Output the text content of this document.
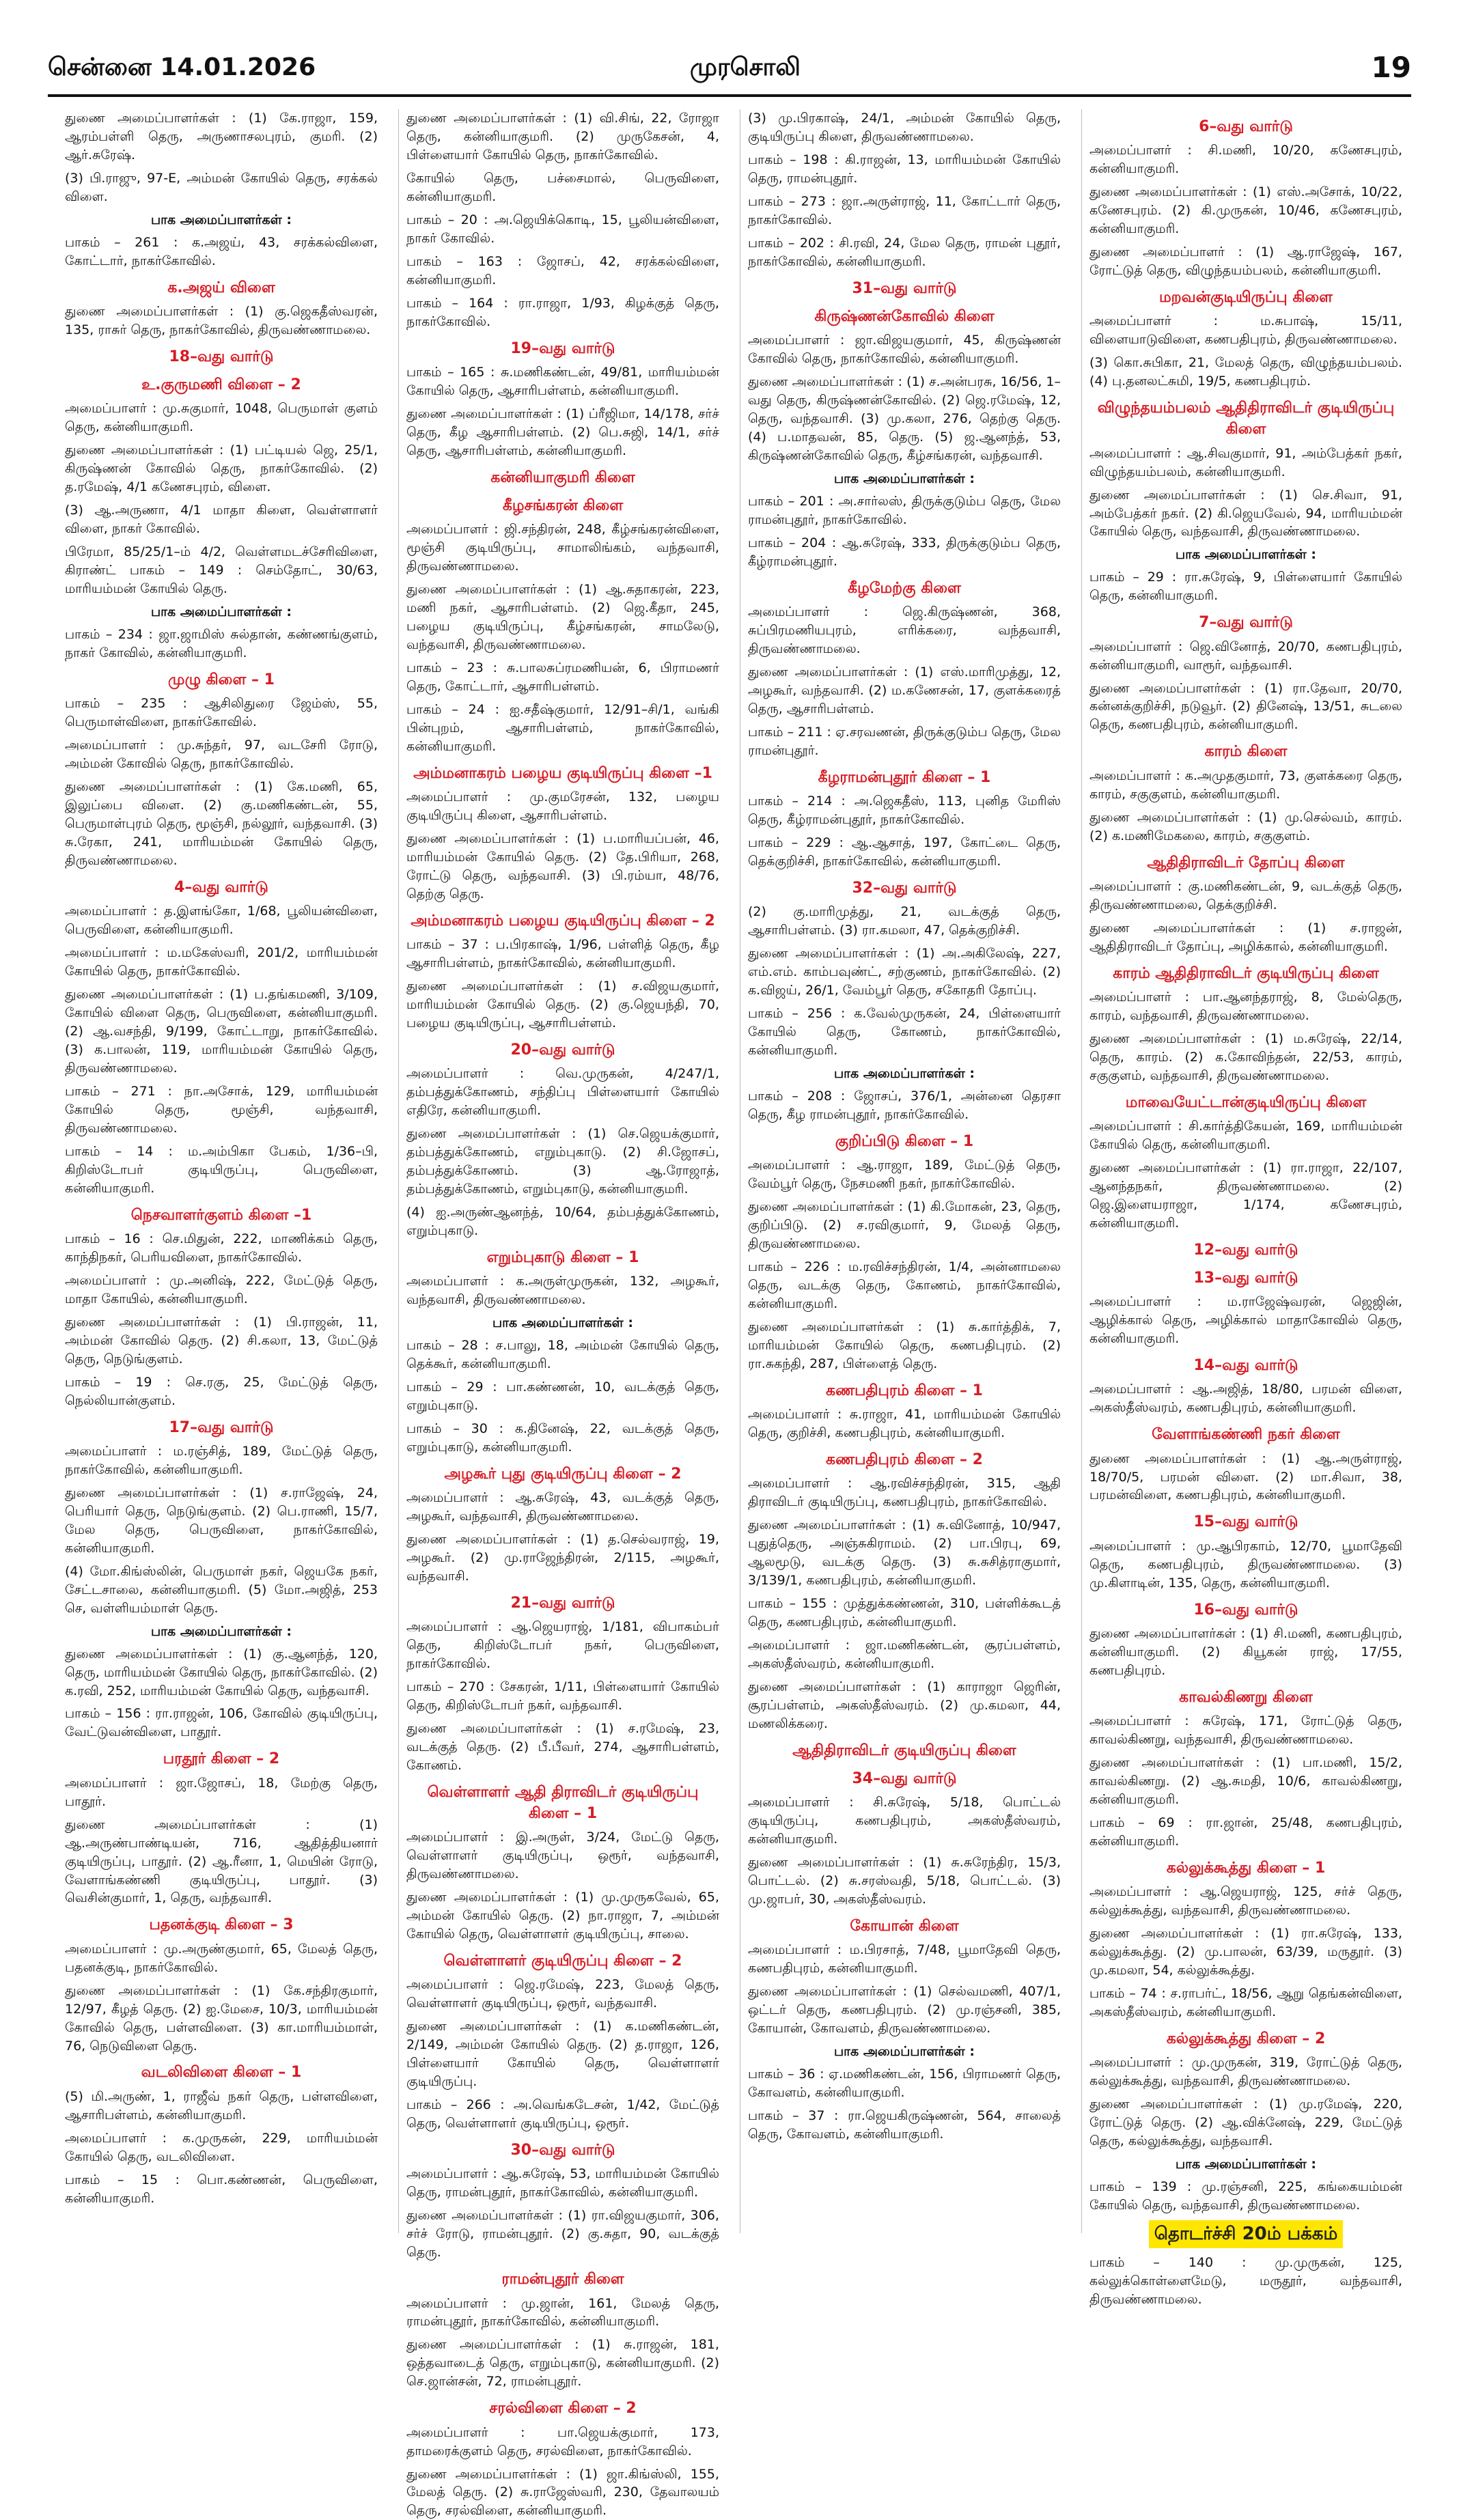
சென்னை 14.01.2026	முரசொலி	19

துணை அமைப்பாளர்கள் : (1) கே.ராஜா, 159, ஆரம்பள்ளி தெரு, அருணாசலபுரம், குமரி. (2) ஆர்.சுரேஷ்.

(3) பி.ராஜு, 97-E, அம்மன் கோயில் தெரு, சரக்கல் விளை.

பாக அமைப்பாளர்கள் :

பாகம் – 261 : க.அஜய், 43, சரக்கல்விளை, கோட்டார், நாகர்கோவில்.

க.அஜய் விளை

துணை அமைப்பாளர்கள் : (1) கு.ஜெகதீஸ்வரன், 135, ராசுர் தெரு, நாகர்கோவில், திருவண்ணாமலை.

18–வது வார்டு
உ.குருமணி விளை – 2

அமைப்பாளர் : மு.சுகுமார், 1048, பெருமாள் குளம் தெரு, கன்னியாகுமரி.

துணை அமைப்பாளர்கள் : (1) பட்டியல் ஜெ, 25/1, கிருஷ்ணன் கோவில் தெரு, நாகர்கோவில். (2) த.ரமேஷ், 4/1 கணேசபுரம், விளை.

(3) ஆ.அருணா, 4/1 மாதா கிளை, வெள்ளாளர் விளை, நாகர் கோவில்.

பிரேமா, 85/25/1–ம் 4/2, வெள்ளமடச்சேரிவிளை, கிராண்ட் பாகம் – 149 : செம்தோட், 30/63, மாரியம்மன் கோயில் தெரு.

பாக அமைப்பாளர்கள் :

பாகம் – 234 : ஜா.ஜாமிஸ் சுல்தான், கண்ணங்குளம், நாகர் கோவில், கன்னியாகுமரி.

முழு கிளை – 1

பாகம் – 235 : ஆசிலிதுரை ஜேம்ஸ், 55, பெருமாள்விளை, நாகர்கோவில்.

அமைப்பாளர் : மு.சுந்தர், 97, வடசேரி ரோடு, அம்மன் கோவில் தெரு, நாகர்கோவில்.

துணை அமைப்பாளர்கள் : (1) கே.மணி, 65, இலுப்பை விளை. (2) கு.மணிகண்டன், 55, பெருமாள்புரம் தெரு, மூஞ்சி, நல்லூர், வந்தவாசி. (3) சு.ரேகா, 241, மாரியம்மன் கோயில் தெரு, திருவண்ணாமலை.

4–வது வார்டு

அமைப்பாளர் : த.இளங்கோ, 1/68, பூலியன்விளை, பெருவிளை, கன்னியாகுமரி.

அமைப்பாளர் : ம.மகேஸ்வரி, 201/2, மாரியம்மன் கோயில் தெரு, நாகர்கோவில்.

துணை அமைப்பாளர்கள் : (1) ப.தங்கமணி, 3/109, கோயில் விளை தெரு, பெருவிளை, கன்னியாகுமரி. (2) ஆ.வசந்தி, 9/199, கோட்டாறு, நாகர்கோவில். (3) க.பாலன், 119, மாரியம்மன் கோயில் தெரு, திருவண்ணாமலை.

பாகம் – 271 : நா.அசோக், 129, மாரியம்மன் கோயில் தெரு, மூஞ்சி, வந்தவாசி, திருவண்ணாமலை.

பாகம் – 14 : ம.அம்பிகா பேகம், 1/36–பி, கிறிஸ்டோபர் குடியிருப்பு, பெருவிளை, கன்னியாகுமரி.

நெசவாளர்குளம் கிளை –1

பாகம் – 16 : செ.மிதுன், 222, மாணிக்கம் தெரு, காந்திநகர், பெரியவிளை, நாகர்கோவில்.

அமைப்பாளர் : மு.அனிஷ், 222, மேட்டுத் தெரு, மாதா கோயில், கன்னியாகுமரி.

துணை அமைப்பாளர்கள் : (1) பி.ராஜன், 11, அம்மன் கோவில் தெரு. (2) சி.கலா, 13, மேட்டுத் தெரு, நெடுங்குளம்.

பாகம் – 19 : செ.ரகு, 25, மேட்டுத் தெரு, நெல்லியான்குளம்.

17–வது வார்டு

அமைப்பாளர் : ம.ரஞ்சித், 189, மேட்டுத் தெரு, நாகர்கோவில், கன்னியாகுமரி.

துணை அமைப்பாளர்கள் : (1) ச.ராஜேஷ், 24, பெரியார் தெரு, நெடுங்குளம். (2) பெ.ராணி, 15/7, மேல தெரு, பெருவிளை, நாகர்கோவில், கன்னியாகுமரி.

(4) மோ.கிங்ஸ்லின், பெருமாள் நகர், ஜெயகே நகர், சேட்டசாலை, கன்னியாகுமரி. (5) மோ.அஜித், 253 செ, வள்ளியம்மாள் தெரு.

பாக அமைப்பாளர்கள் :

துணை அமைப்பாளர்கள் : (1) கு.ஆனந்த், 120, தெரு, மாரியம்மன் கோயில் தெரு, நாகர்கோவில். (2) க.ரவி, 252, மாரியம்மன் கோயில் தெரு, வந்தவாசி.

பாகம் – 156 : ரா.ராஜன், 106, கோவில் குடியிருப்பு, வேட்டுவன்விளை, பாதூர்.

பரதூர் கிளை – 2

அமைப்பாளர் : ஜா.ஜோசப், 18, மேற்கு தெரு, பாதூர்.

துணை அமைப்பாளர்கள் : (1) ஆ.அருண்பாண்டியன், 716, ஆதித்தியனார் குடியிருப்பு, பாதூர். (2) ஆ.ரீனா, 1, மெயின் ரோடு, வேளாங்கண்ணி குடியிருப்பு, பாதூர். (3) வெசின்குமார், 1, தெரு, வந்தவாசி.

பதனக்குடி கிளை – 3

அமைப்பாளர் : மு.அருண்குமார், 65, மேலத் தெரு, பதனக்குடி, நாகர்கோவில்.

துணை அமைப்பாளர்கள் : (1) கே.சந்திரகுமார், 12/97, கீழத் தெரு. (2) ஐ.மேசை, 10/3, மாரியம்மன் கோவில் தெரு, பள்ளவிளை. (3) கா.மாரியம்மாள், 76, நெடுவிளை தெரு.

வடலிவிளை கிளை – 1

(5) மி.அருண், 1, ராஜீவ் நகர் தெரு, பள்ளவிளை, ஆசாரிபள்ளம், கன்னியாகுமரி.

அமைப்பாளர் : க.முருகன், 229, மாரியம்மன் கோயில் தெரு, வடலிவிளை.

பாகம் – 15 : பொ.கண்ணன், பெருவிளை, கன்னியாகுமரி.

துணை அமைப்பாளர்கள் : (1) வி.சிங், 22, ரோஜா தெரு, கன்னியாகுமரி. (2) முருகேசன், 4, பிள்ளையார் கோயில் தெரு, நாகர்கோவில்.

கோயில் தெரு, பச்சைமால், பெருவிளை, கன்னியாகுமரி.

பாகம் – 20 : அ.ஜெயிக்கொடி, 15, பூலியன்விளை, நாகர் கோவில்.

பாகம் – 163 : ஜோசப், 42, சரக்கல்விளை, கன்னியாகுமரி.

பாகம் – 164 : ரா.ராஜா, 1/93, கிழக்குத் தெரு, நாகர்கோவில்.

19–வது வார்டு

பாகம் – 165 : சு.மணிகண்டன், 49/81, மாரியம்மன் கோயில் தெரு, ஆசாரிபள்ளம், கன்னியாகுமரி.

துணை அமைப்பாளர்கள் : (1) ப்ரீஜிமா, 14/178, சர்ச் தெரு, கீழ ஆசாரிபள்ளம். (2) பெ.சுஜி, 14/1, சர்ச் தெரு, ஆசாரிபள்ளம், கன்னியாகுமரி.

கன்னியாகுமரி கிளை
கீழசங்கரன் கிளை

அமைப்பாளர் : ஜி.சந்திரன், 248, கீழ்சங்கரன்விளை, மூஞ்சி குடியிருப்பு, சாமாலிங்கம், வந்தவாசி, திருவண்ணாமலை.

துணை அமைப்பாளர்கள் : (1) ஆ.சுதாகரன், 223, மணி நகர், ஆசாரிபள்ளம். (2) ஜெ.கீதா, 245, பழைய குடியிருப்பு, கீழ்சங்கரன், சாமலேடு, வந்தவாசி, திருவண்ணாமலை.

பாகம் – 23 : சு.பாலசுப்ரமணியன், 6, பிராமணர் தெரு, கோட்டார், ஆசாரிபள்ளம்.

பாகம் – 24 : ஐ.சதீஷ்குமார், 12/91–சி/1, வங்கி பின்புறம், ஆசாரிபள்ளம், நாகர்கோவில், கன்னியாகுமரி.

அம்மனாகரம் பழைய குடியிருப்பு கிளை –1

அமைப்பாளர் : மு.குமரேசன், 132, பழைய குடியிருப்பு கிளை, ஆசாரிபள்ளம்.

துணை அமைப்பாளர்கள் : (1) ப.மாரியப்பன், 46, மாரியம்மன் கோயில் தெரு. (2) தே.பிரியா, 268, ரோட்டு தெரு, வந்தவாசி. (3) பி.ரம்யா, 48/76, தெற்கு தெரு.

அம்மனாகரம் பழைய குடியிருப்பு கிளை – 2

பாகம் – 37 : ப.பிரகாஷ், 1/96, பள்ளித் தெரு, கீழ ஆசாரிபள்ளம், நாகர்கோவில், கன்னியாகுமரி.

துணை அமைப்பாளர்கள் : (1) ச.விஜயகுமார், மாரியம்மன் கோயில் தெரு. (2) கு.ஜெயந்தி, 70, பழைய குடியிருப்பு, ஆசாரிபள்ளம்.

20–வது வார்டு

அமைப்பாளர் : வெ.முருகன், 4/247/1, தம்பத்துக்கோணம், சந்திப்பு பிள்ளையார் கோயில் எதிரே, கன்னியாகுமரி.

துணை அமைப்பாளர்கள் : (1) செ.ஜெயக்குமார், தம்பத்துக்கோணம், எறும்புகாடு. (2) சி.ஜோசப், தம்பத்துக்கோணம். (3) ஆ.ரோஜாத், தம்பத்துக்கோணம், எறும்புகாடு, கன்னியாகுமரி.

(4) ஐ.அருண்ஆனந்த், 10/64, தம்பத்துக்கோணம், எறும்புகாடு.

எறும்புகாடு கிளை – 1

அமைப்பாளர் : க.அருள்முருகன், 132, அழகூர், வந்தவாசி, திருவண்ணாமலை.

பாக அமைப்பாளர்கள் :

பாகம் – 28 : ச.பாலு, 18, அம்மன் கோயில் தெரு, தெக்கூர், கன்னியாகுமரி.

பாகம் – 29 : பா.கண்ணன், 10, வடக்குத் தெரு, எறும்புகாடு.

பாகம் – 30 : க.தினேஷ், 22, வடக்குத் தெரு, எறும்புகாடு, கன்னியாகுமரி.

அழகூர் புது குடியிருப்பு கிளை – 2

அமைப்பாளர் : ஆ.சுரேஷ், 43, வடக்குத் தெரு, அழகூர், வந்தவாசி, திருவண்ணாமலை.

துணை அமைப்பாளர்கள் : (1) த.செல்வராஜ், 19, அழகூர். (2) மு.ராஜேந்திரன், 2/115, அழகூர், வந்தவாசி.

21–வது வார்டு

அமைப்பாளர் : ஆ.ஜெயராஜ், 1/181, விபாகம்பர் தெரு, கிறிஸ்டோபர் நகர், பெருவிளை, நாகர்கோவில்.

பாகம் – 270 : சேகரன், 1/11, பிள்ளையார் கோயில் தெரு, கிறிஸ்டோபர் நகர், வந்தவாசி.

துணை அமைப்பாளர்கள் : (1) ச.ரமேஷ், 23, வடக்குத் தெரு. (2) பீ.பீவர், 274, ஆசாரிபள்ளம், கோணம்.

வெள்ளாளர் ஆதி திராவிடர் குடியிருப்பு கிளை – 1

அமைப்பாளர் : இ.அருள், 3/24, மேட்டு தெரு, வெள்ளாளர் குடியிருப்பு, ஒரூர், வந்தவாசி, திருவண்ணாமலை.

துணை அமைப்பாளர்கள் : (1) மு.முருகவேல், 65, அம்மன் கோயில் தெரு. (2) நா.ராஜா, 7, அம்மன் கோயில் தெரு, வெள்ளாளர் குடியிருப்பு, சாலை.

வெள்ளாளர் குடியிருப்பு கிளை – 2

அமைப்பாளர் : ஜெ.ரமேஷ், 223, மேலத் தெரு, வெள்ளாளர் குடியிருப்பு, ஒரூர், வந்தவாசி.

துணை அமைப்பாளர்கள் : (1) க.மணிகண்டன், 2/149, அம்மன் கோயில் தெரு. (2) த.ராஜா, 126, பிள்ளையார் கோயில் தெரு, வெள்ளாளர் குடியிருப்பு.

பாகம் – 266 : அ.வெங்கடேசன், 1/42, மேட்டுத் தெரு, வெள்ளாளர் குடியிருப்பு, ஒரூர்.

30–வது வார்டு

அமைப்பாளர் : ஆ.சுரேஷ், 53, மாரியம்மன் கோயில் தெரு, ராமன்புதூர், நாகர்கோவில், கன்னியாகுமரி.

துணை அமைப்பாளர்கள் : (1) ரா.விஜயகுமார், 306, சர்ச் ரோடு, ராமன்புதூர். (2) கு.சுதா, 90, வடக்குத் தெரு.

ராமன்புதூர் கிளை

அமைப்பாளர் : மு.ஜான், 161, மேலத் தெரு, ராமன்புதூர், நாகர்கோவில், கன்னியாகுமரி.

துணை அமைப்பாளர்கள் : (1) சு.ராஜன், 181, ஒத்தவாடைத் தெரு, எறும்புகாடு, கன்னியாகுமரி. (2) செ.ஜான்சன், 72, ராமன்புதூர்.

சரல்விளை கிளை – 2

அமைப்பாளர் : பா.ஜெயக்குமார், 173, தாமரைக்குளம் தெரு, சரல்விளை, நாகர்கோவில்.

துணை அமைப்பாளர்கள் : (1) ஜா.கிங்ஸ்லி, 155, மேலத் தெரு. (2) சு.ராஜேஸ்வரி, 230, தேவாலயம் தெரு, சரல்விளை, கன்னியாகுமரி.

(3) மு.பிரகாஷ், 24/1, அம்மன் கோயில் தெரு, குடியிருப்பு கிளை, திருவண்ணாமலை.

பாகம் – 198 : கி.ராஜன், 13, மாரியம்மன் கோயில் தெரு, ராமன்புதூர்.

பாகம் – 273 : ஜா.அருள்ராஜ், 11, கோட்டார் தெரு, நாகர்கோவில்.

பாகம் – 202 : சி.ரவி, 24, மேல தெரு, ராமன் புதூர், நாகர்கோவில், கன்னியாகுமரி.

31–வது வார்டு
கிருஷ்ணன்கோவில் கிளை

அமைப்பாளர் : ஜா.விஜயகுமார், 45, கிருஷ்ணன் கோவில் தெரு, நாகர்கோவில், கன்னியாகுமரி.

துணை அமைப்பாளர்கள் : (1) ச.அன்பரசு, 16/56, 1–வது தெரு, கிருஷ்ணன்கோவில். (2) ஜெ.ரமேஷ், 12, தெரு, வந்தவாசி. (3) மு.கலா, 276, தெற்கு தெரு. (4) ப.மாதவன், 85, தெரு. (5) ஜ.ஆனந்த், 53, கிருஷ்ணன்கோவில் தெரு, கீழ்சங்கரன், வந்தவாசி.

பாக அமைப்பாளர்கள் :

பாகம் – 201 : அ.சார்லஸ், திருக்குடும்ப தெரு, மேல ராமன்புதூர், நாகர்கோவில்.

பாகம் – 204 : ஆ.சுரேஷ், 333, திருக்குடும்ப தெரு, கீழ்ராமன்புதூர்.

கீழமேற்கு கிளை

அமைப்பாளர் : ஜெ.கிருஷ்ணன், 368, சுப்பிரமணியபுரம், எரிக்கரை, வந்தவாசி, திருவண்ணாமலை.

துணை அமைப்பாளர்கள் : (1) எஸ்.மாரிமுத்து, 12, அழகூர், வந்தவாசி. (2) ம.கணேசன், 17, குளக்கரைத் தெரு, ஆசாரிபள்ளம்.

பாகம் – 211 : ஏ.சரவணன், திருக்குடும்ப தெரு, மேல ராமன்புதூர்.

கீழராமன்புதூர் கிளை – 1

பாகம் – 214 : அ.ஜெகதீஸ், 113, புனித மேரிஸ் தெரு, கீழ்ராமன்புதூர், நாகர்கோவில்.

பாகம் – 229 : ஆ.ஆசாத், 197, கோட்டை தெரு, தெக்குறிச்சி, நாகர்கோவில், கன்னியாகுமரி.

32–வது வார்டு

(2) கு.மாரிமுத்து, 21, வடக்குத் தெரு, ஆசாரிபள்ளம். (3) ரா.கமலா, 47, தெக்குறிச்சி.

துணை அமைப்பாளர்கள் : (1) அ.அகிலேஷ், 227, எம்.எம். காம்பவுண்ட், சற்குணம், நாகர்கோவில். (2) க.விஜய், 26/1, வேம்பூர் தெரு, சகோதரி தோப்பு.

பாகம் – 256 : க.வேல்முருகன், 24, பிள்ளையார் கோயில் தெரு, கோணம், நாகர்கோவில், கன்னியாகுமரி.

பாக அமைப்பாளர்கள் :

பாகம் – 208 : ஜோசப், 376/1, அன்னை தெரசா தெரு, கீழ ராமன்புதூர், நாகர்கோவில்.

குறிப்பிடு கிளை – 1

அமைப்பாளர் : ஆ.ராஜா, 189, மேட்டுத் தெரு, வேம்பூர் தெரு, நேசமணி நகர், நாகர்கோவில்.

துணை அமைப்பாளர்கள் : (1) கி.மோகன், 23, தெரு, குறிப்பிடு. (2) ச.ரவிகுமார், 9, மேலத் தெரு, திருவண்ணாமலை.

பாகம் – 226 : ம.ரவிச்சந்திரன், 1/4, அன்னாமலை தெரு, வடக்கு தெரு, கோணம், நாகர்கோவில், கன்னியாகுமரி.

துணை அமைப்பாளர்கள் : (1) சு.கார்த்திக், 7, மாரியம்மன் கோயில் தெரு, கணபதிபுரம். (2) ரா.சுகந்தி, 287, பிள்ளைத் தெரு.

கணபதிபுரம் கிளை – 1

அமைப்பாளர் : சு.ராஜா, 41, மாரியம்மன் கோயில் தெரு, குறிச்சி, கணபதிபுரம், கன்னியாகுமரி.

கணபதிபுரம் கிளை – 2

அமைப்பாளர் : ஆ.ரவிச்சந்திரன், 315, ஆதி திராவிடர் குடியிருப்பு, கணபதிபுரம், நாகர்கோவில்.

துணை அமைப்பாளர்கள் : (1) சு.வினோத், 10/947, புதுத்தெரு, அஞ்சுகிராமம். (2) பா.பிரபு, 69, ஆலமூடு, வடக்கு தெரு. (3) சு.சுசித்ராகுமார், 3/139/1, கணபதிபுரம், கன்னியாகுமரி.

பாகம் – 155 : முத்துக்கண்ணன், 310, பள்ளிக்கூடத் தெரு, கணபதிபுரம், கன்னியாகுமரி.

அமைப்பாளர் : ஜா.மணிகண்டன், சூரப்பள்ளம், அகஸ்தீஸ்வரம், கன்னியாகுமரி.

துணை அமைப்பாளர்கள் : (1) காராஜா ஜெரின், சூரப்பள்ளம், அகஸ்தீஸ்வரம். (2) மு.கமலா, 44, மணலிக்கரை.

ஆதிதிராவிடர் குடியிருப்பு கிளை
34–வது வார்டு

அமைப்பாளர் : சி.சுரேஷ், 5/18, பொட்டல் குடியிருப்பு, கணபதிபுரம், அகஸ்தீஸ்வரம், கன்னியாகுமரி.

துணை அமைப்பாளர்கள் : (1) சு.சுரேந்திர, 15/3, பொட்டல். (2) சு.சரஸ்வதி, 5/18, பொட்டல். (3) மு.ஜாபர், 30, அகஸ்தீஸ்வரம்.

கோயான் கிளை

அமைப்பாளர் : ம.பிரசாத், 7/48, பூமாதேவி தெரு, கணபதிபுரம், கன்னியாகுமரி.

துணை அமைப்பாளர்கள் : (1) செல்வமணி, 407/1, ஒட்டர் தெரு, கணபதிபுரம். (2) மு.ரஞ்சனி, 385, கோயான், கோவளம், திருவண்ணாமலை.

பாக அமைப்பாளர்கள் :

பாகம் – 36 : ஏ.மணிகண்டன், 156, பிராமணர் தெரு, கோவளம், கன்னியாகுமரி.

பாகம் – 37 : ரா.ஜெயகிருஷ்ணன், 564, சாலைத் தெரு, கோவளம், கன்னியாகுமரி.

6–வது வார்டு

அமைப்பாளர் : சி.மணி, 10/20, கணேசபுரம், கன்னியாகுமரி.

துணை அமைப்பாளர்கள் : (1) எஸ்.அசோக், 10/22, கணேசபுரம். (2) கி.முருகன், 10/46, கணேசபுரம், கன்னியாகுமரி.

துணை அமைப்பாளர் : (1) ஆ.ராஜேஷ், 167, ரோட்டுத் தெரு, விழுந்தயம்பலம், கன்னியாகுமரி.

மறவன்குடியிருப்பு கிளை

அமைப்பாளர் : ம.சுபாஷ், 15/11, விளையாடுவிளை, கணபதிபுரம், திருவண்ணாமலை.

(3) கொ.சுபிகா, 21, மேலத் தெரு, விழுந்தயம்பலம். (4) பு.தனலட்சுமி, 19/5, கணபதிபுரம்.

விழுந்தயம்பலம் ஆதிதிராவிடர் குடியிருப்பு கிளை

அமைப்பாளர் : ஆ.சிவகுமார், 91, அம்பேத்கர் நகர், விழுந்தயம்பலம், கன்னியாகுமரி.

துணை அமைப்பாளர்கள் : (1) செ.சிவா, 91, அம்பேத்கர் நகர். (2) கி.ஜெயவேல், 94, மாரியம்மன் கோயில் தெரு, வந்தவாசி, திருவண்ணாமலை.

பாக அமைப்பாளர்கள் :

பாகம் – 29 : ரா.சுரேஷ், 9, பிள்ளையார் கோயில் தெரு, கன்னியாகுமரி.

7–வது வார்டு

அமைப்பாளர் : ஜெ.வினோத், 20/70, கணபதிபுரம், கன்னியாகுமரி, வாரூர், வந்தவாசி.

துணை அமைப்பாளர்கள் : (1) ரா.தேவா, 20/70, கன்னக்குறிச்சி, நடுவூர். (2) தினேஷ், 13/51, சுடலை தெரு, கணபதிபுரம், கன்னியாகுமரி.

காரம் கிளை

அமைப்பாளர் : க.அமுதகுமார், 73, குளக்கரை தெரு, காரம், சகுகுளம், கன்னியாகுமரி.

துணை அமைப்பாளர்கள் : (1) மு.செல்வம், காரம். (2) க.மணிமேகலை, காரம், சகுகுளம்.

ஆதிதிராவிடர் தோப்பு கிளை

அமைப்பாளர் : கு.மணிகண்டன், 9, வடக்குத் தெரு, திருவண்ணாமலை, தெக்குறிச்சி.

துணை அமைப்பாளர்கள் : (1) ச.ராஜன், ஆதிதிராவிடர் தோப்பு, அழிக்கால், கன்னியாகுமரி.

காரம் ஆதிதிராவிடர் குடியிருப்பு கிளை

அமைப்பாளர் : பா.ஆனந்தராஜ், 8, மேல்தெரு, காரம், வந்தவாசி, திருவண்ணாமலை.

துணை அமைப்பாளர்கள் : (1) ம.சுரேஷ், 22/14, தெரு, காரம். (2) க.கோவிந்தன், 22/53, காரம், சகுகுளம், வந்தவாசி, திருவண்ணாமலை.

மாவையேட்டான்குடியிருப்பு கிளை

அமைப்பாளர் : சி.கார்த்திகேயன், 169, மாரியம்மன் கோயில் தெரு, கன்னியாகுமரி.

துணை அமைப்பாளர்கள் : (1) ரா.ராஜா, 22/107, ஆனந்தநகர், திருவண்ணாமலை. (2) ஜெ.இளையராஜா, 1/174, கணேசபுரம், கன்னியாகுமரி.

12–வது வார்டு
13–வது வார்டு

அமைப்பாளர் : ம.ராஜேஷ்வரன், ஜெஜின், ஆழிக்கால் தெரு, அழிக்கால் மாதாகோவில் தெரு, கன்னியாகுமரி.

14–வது வார்டு

அமைப்பாளர் : ஆ.அஜித், 18/80, பரமன் விளை, அகஸ்தீஸ்வரம், கணபதிபுரம், கன்னியாகுமரி.

வேளாங்கண்ணி நகர் கிளை

துணை அமைப்பாளர்கள் : (1) ஆ.அருள்ராஜ், 18/70/5, பரமன் விளை. (2) மா.சிவா, 38, பரமன்விளை, கணபதிபுரம், கன்னியாகுமரி.

15–வது வார்டு

அமைப்பாளர் : மு.ஆபிரகாம், 12/70, பூமாதேவி தெரு, கணபதிபுரம், திருவண்ணாமலை. (3) மு.கிளாடின், 135, தெரு, கன்னியாகுமரி.

16–வது வார்டு

துணை அமைப்பாளர்கள் : (1) சி.மணி, கணபதிபுரம், கன்னியாகுமரி. (2) கியூகன் ராஜ், 17/55, கணபதிபுரம்.

காவல்கிணறு கிளை

அமைப்பாளர் : சுரேஷ், 171, ரோட்டுத் தெரு, காவல்கிணறு, வந்தவாசி, திருவண்ணாமலை.

துணை அமைப்பாளர்கள் : (1) பா.மணி, 15/2, காவல்கிணறு. (2) ஆ.சுமதி, 10/6, காவல்கிணறு, கன்னியாகுமரி.

பாகம் – 69 : ரா.ஜான், 25/48, கணபதிபுரம், கன்னியாகுமரி.

கல்லுக்கூத்து கிளை – 1

அமைப்பாளர் : ஆ.ஜெயராஜ், 125, சர்ச் தெரு, கல்லுக்கூத்து, வந்தவாசி, திருவண்ணாமலை.

துணை அமைப்பாளர்கள் : (1) ரா.சுரேஷ், 133, கல்லுக்கூத்து. (2) மு.பாலன், 63/39, மருதூர். (3) மு.கமலா, 54, கல்லுக்கூத்து.

பாகம் – 74 : ச.ராபர்ட், 18/56, ஆறு தெங்கன்விளை, அகஸ்தீஸ்வரம், கன்னியாகுமரி.

கல்லுக்கூத்து கிளை – 2

அமைப்பாளர் : மு.முருகன், 319, ரோட்டுத் தெரு, கல்லுக்கூத்து, வந்தவாசி, திருவண்ணாமலை.

துணை அமைப்பாளர்கள் : (1) மு.ரமேஷ், 220, ரோட்டுத் தெரு. (2) ஆ.விக்னேஷ், 229, மேட்டுத் தெரு, கல்லுக்கூத்து, வந்தவாசி.

பாக அமைப்பாளர்கள் :

பாகம் – 139 : மு.ரஞ்சனி, 225, கங்கையம்மன் கோயில் தெரு, வந்தவாசி, திருவண்ணாமலை.

தொடர்ச்சி 20ம் பக்கம்

பாகம் – 140 : மு.முருகன், 125, கல்லுக்கொள்ளைமேடு, மருதூர், வந்தவாசி, திருவண்ணாமலை.
